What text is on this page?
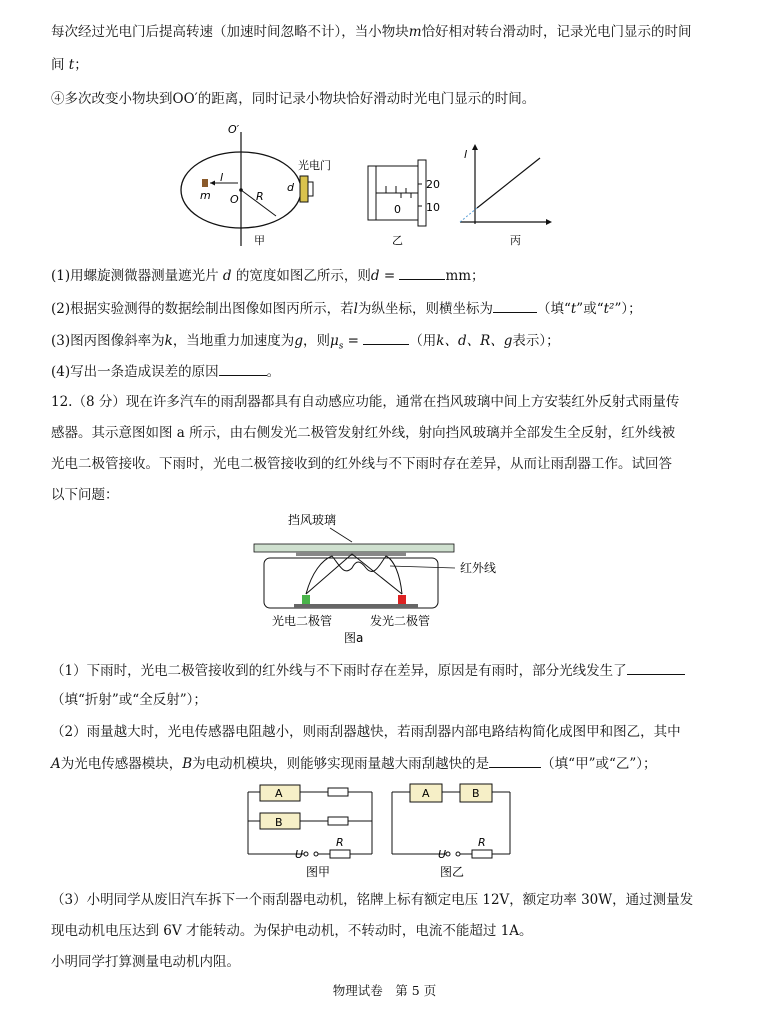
每次经过光电门后提高转速（加速时间忽略不计），当小物块m恰好相对转台滑动时，记录光电门显示的时间
间 t；
④多次改变小物块到OO′的距离，同时记录小物块恰好滑动时光电门显示的时间。
O′
光电门
l
m O R
d
甲
20
10
0
乙
l
丙
(1)用螺旋测微器测量遮光片 d 的宽度如图乙所示，则d =	mm；
(2)根据实验测得的数据绘制出图像如图丙所示，若l为纵坐标，则横坐标为	（填“t”或“t²”）；
(3)图丙图像斜率为k，当地重力加速度为g，则$\mu_s$ =	（用k、d、R、g表示）；
(4)写出一条造成误差的原因	。
12.（8 分）现在许多汽车的雨刮器都具有自动感应功能，通常在挡风玻璃中间上方安装红外反射式雨量传
感器。其示意图如图 a 所示，由右侧发光二极管发射红外线，射向挡风玻璃并全部发生全反射，红外线被
光电二极管接收。下雨时，光电二极管接收到的红外线与不下雨时存在差异，从而让雨刮器工作。试回答
以下问题：
挡风玻璃
红外线
光电二极管	发光二极管
图a
（1）下雨时，光电二极管接收到的红外线与不下雨时存在差异，原因是有雨时，部分光线发生了
（填“折射”或“全反射”）；
（2）雨量越大时，光电传感器电阻越小，则雨刮器越快，若雨刮器内部电路结构简化成图甲和图乙，其中
A为光电传感器模块，B为电动机模块，则能够实现雨量越大雨刮越快的是	（填“甲”或“乙”）；
A
B
U
R
图甲
A	B
U
R
图乙
（3）小明同学从废旧汽车拆下一个雨刮器电动机，铭牌上标有额定电压 12V，额定功率 30W，通过测量发
现电动机电压达到 6V 才能转动。为保护电动机，不转动时，电流不能超过 1A。
小明同学打算测量电动机内阻。
物理试卷　第 5 页
